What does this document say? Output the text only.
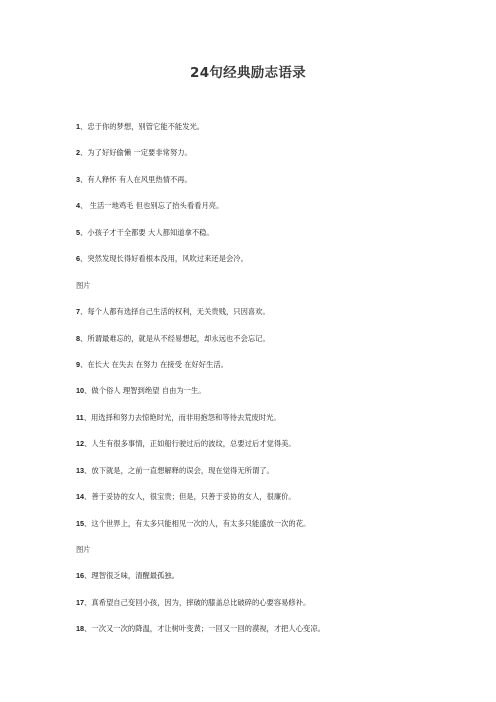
24句经典励志语录
1、忠于你的梦想，别管它能不能发光。
2、为了好好偷懒 一定要非常努力。
3、有人释怀 有人在风里热情不再。
4、 生活一地鸡毛 但也别忘了抬头看看月亮。
5、小孩子才干全都要 大人都知道拿不稳。
6、突然发现长得好看根本没用，风吹过来还是会冷。
图片
7、每个人都有选择自己生活的权利，无关贵贱，只因喜欢。
8、所谓最难忘的，就是从不经易想起，却永远也不会忘记。
9、在长大 在失去 在努力 在接受 在好好生活。
10、做个俗人 理智到绝望 自由为一生。
11、用选择和努力去惊艳时光，而非用抱怨和等待去荒废时光。
12、人生有很多事情，正如船行驶过后的波纹，总要过后才觉得美。
13、放下就是，之前一直想解释的误会，现在觉得无所谓了。
14、善于妥协的女人，很宝贵；但是，只善于妥协的女人，很廉价。
15、这个世界上，有太多只能相见一次的人，有太多只能盛放一次的花。
图片
16、理智很乏味，清醒最孤独。
17、真希望自己变回小孩，因为，摔破的膝盖总比破碎的心要容易修补。
18、一次又一次的降温，才让树叶变黄；一回又一回的漠视，才把人心变凉。
